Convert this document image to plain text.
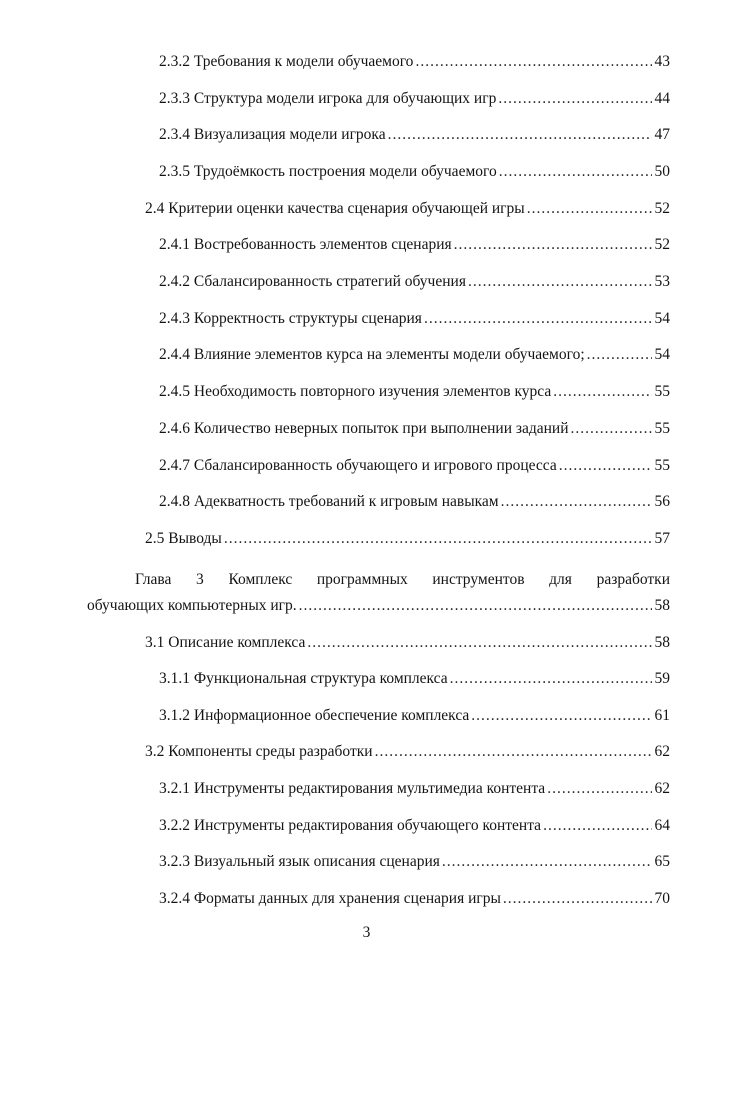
2.3.2 Требования к модели обучаемого .....	43
2.3.3 Структура модели игрока для обучающих игр .....	44
2.3.4 Визуализация модели игрока .....	47
2.3.5 Трудоёмкость построения модели обучаемого .....	50
2.4 Критерии оценки качества сценария обучающей игры .....	52
2.4.1 Востребованность элементов сценария .....	52
2.4.2 Сбалансированность стратегий обучения .....	53
2.4.3 Корректность структуры сценария .....	54
2.4.4 Влияние элементов курса на элементы модели обучаемого; .....	54
2.4.5 Необходимость повторного изучения элементов курса .....	55
2.4.6 Количество неверных попыток при выполнении заданий .....	55
2.4.7 Сбалансированность обучающего и игрового процесса .....	55
2.4.8 Адекватность требований к игровым навыкам .....	56
2.5 Выводы .....	57
Глава 3 Комплекс программных инструментов для разработки
обучающих компьютерных игр. .....	58
3.1 Описание комплекса .....	58
3.1.1 Функциональная структура комплекса .....	59
3.1.2 Информационное обеспечение комплекса .....	61
3.2 Компоненты среды разработки .....	62
3.2.1 Инструменты редактирования мультимедиа контента .....	62
3.2.2 Инструменты редактирования обучающего контента .....	64
3.2.3 Визуальный язык описания сценария .....	65
3.2.4 Форматы данных для хранения сценария игры .....	70
3
